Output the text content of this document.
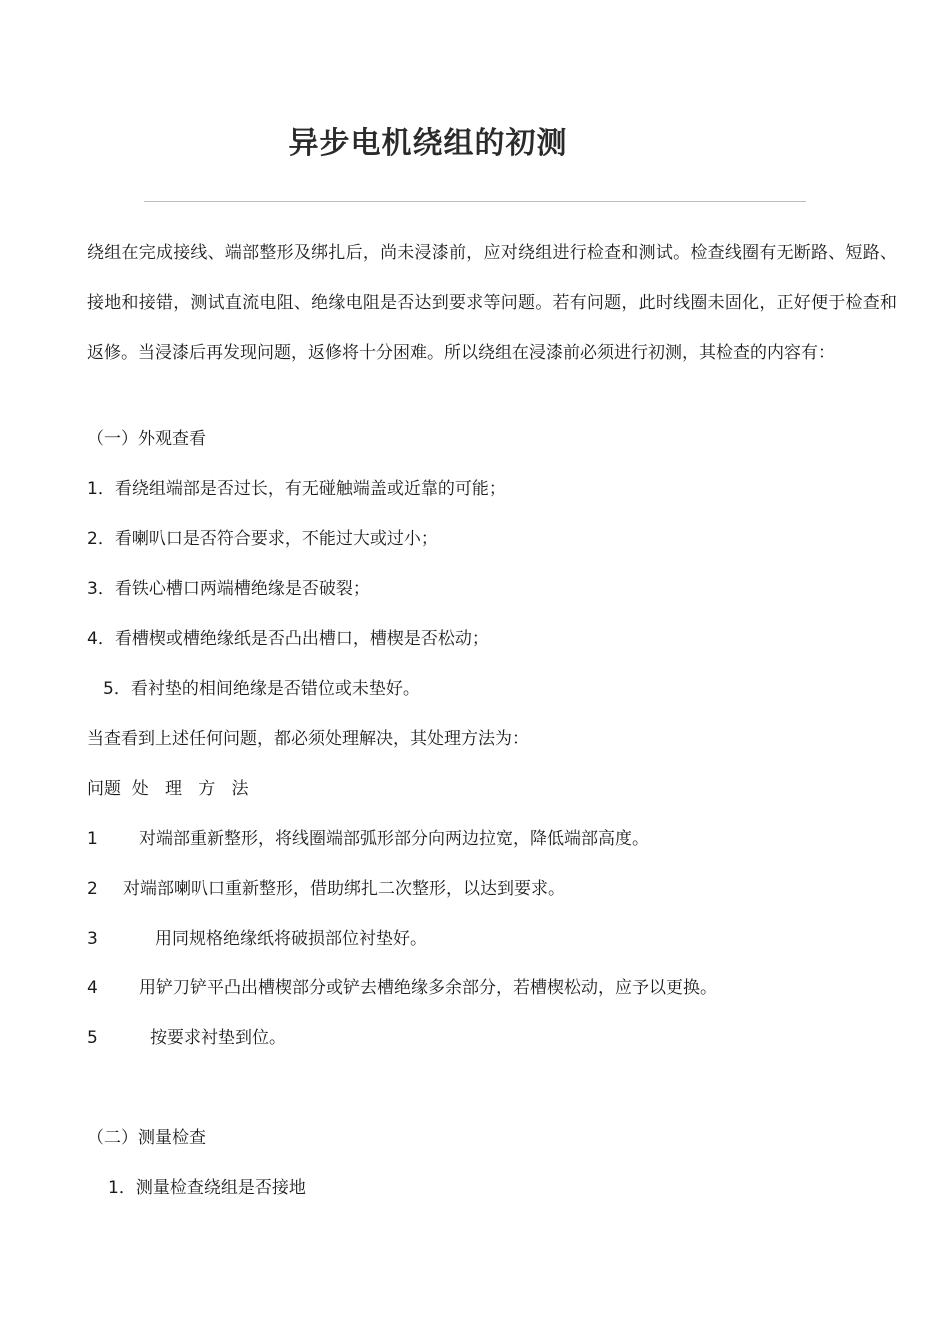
异步电机绕组的初测
绕组在完成接线、端部整形及绑扎后，尚未浸漆前，应对绕组进行检查和测试。检查线圈有无断路、短路、接地和接错，测试直流电阻、绝缘电阻是否达到要求等问题。若有问题，此时线圈未固化，正好便于检查和返修。当浸漆后再发现问题，返修将十分困难。所以绕组在浸漆前必须进行初测，其检查的内容有：
（一）外观查看
1．看绕组端部是否过长，有无碰触端盖或近靠的可能；
2．看喇叭口是否符合要求，不能过大或过小；
3．看铁心槽口两端槽绝缘是否破裂；
4．看槽楔或槽绝缘纸是否凸出槽口，槽楔是否松动；
5．看衬垫的相间绝缘是否错位或未垫好。
当查看到上述任何问题，都必须处理解决，其处理方法为：
问题  处   理   方   法
1 对端部重新整形，将线圈端部弧形部分向两边拉宽，降低端部高度。
2 对端部喇叭口重新整形，借助绑扎二次整形，以达到要求。
3	用同规格绝缘纸将破损部位衬垫好。
4 用铲刀铲平凸出槽楔部分或铲去槽绝缘多余部分，若槽楔松动，应予以更换。
5	按要求衬垫到位。
（二）测量检查
1．测量检查绕组是否接地
